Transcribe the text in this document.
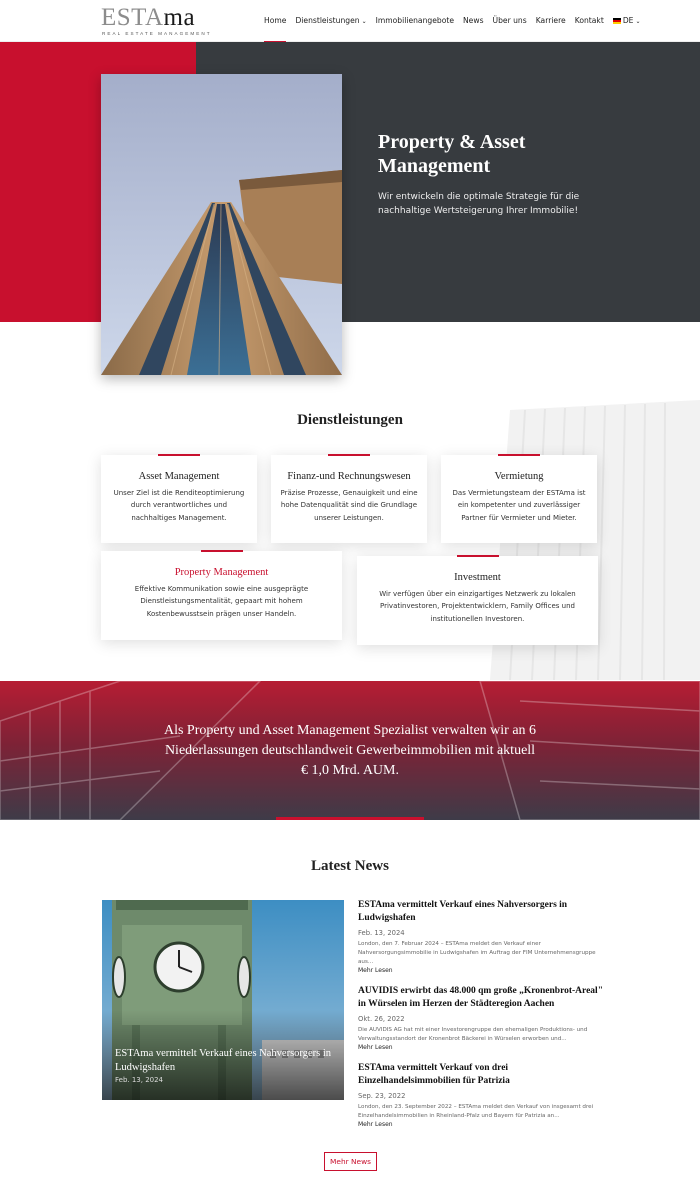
ESTAma
REAL ESTATE MANAGEMENT
Home Dienstleistungen ⌄ Immobilienangebote News Über uns Karriere Kontakt	DE ⌄
Property & Asset Management

Wir entwickeln die optimale Strategie für die nachhaltige Wertsteigerung Ihrer Immobilie!

Dienstleistungen
Asset Management
Unser Ziel ist die Renditeoptimierung durch verantwortliches und nachhaltiges Management.
Finanz-und Rechnungswesen
Präzise Prozesse, Genauigkeit und eine hohe Datenqualität sind die Grundlage unserer Leistungen.
Vermietung
Das Vermietungsteam der ESTAma ist ein kompetenter und zuverlässiger Partner für Vermieter und Mieter.
Property Management
Effektive Kommunikation sowie eine ausgeprägte Dienstleistungsmentalität, gepaart mit hohem Kostenbewusstsein prägen unser Handeln.
Investment
Wir verfügen über ein einzigartiges Netzwerk zu lokalen Privatinvestoren, Projektentwicklern, Family Offices und institutionellen Investoren.

Als Property und Asset Management Spezialist verwalten wir an 6 Niederlassungen deutschlandweit Gewerbeimmobilien mit aktuell € 1,0 Mrd. AUM.

Latest News
ESTAma vermittelt Verkauf eines Nahversorgers in Ludwigshafen
Feb. 13, 2024
ESTAma vermittelt Verkauf eines Nahversorgers in Ludwigshafen
Feb. 13, 2024
London, den 7. Februar 2024 – ESTAma meldet den Verkauf einer Nahversorgungsimmobilie in Ludwigshafen im Auftrag der FIM Unternehmensgruppe aus...
Mehr Lesen
AUVIDIS erwirbt das 48.000 qm große „Kronenbrot-Areal" in Würselen im Herzen der Städteregion Aachen
Okt. 26, 2022
Die AUVIDIS AG hat mit einer Investorengruppe den ehemaligen Produktions- und Verwaltungsstandort der Kronenbrot Bäckerei in Würselen erworben und...
Mehr Lesen
ESTAma vermittelt Verkauf von drei Einzelhandelsimmobilien für Patrizia
Sep. 23, 2022
London, den 23. September 2022 – ESTAma meldet den Verkauf von insgesamt drei Einzelhandelsimmobilien in Rheinland-Pfalz und Bayern für Patrizia an...
Mehr Lesen
Mehr News
